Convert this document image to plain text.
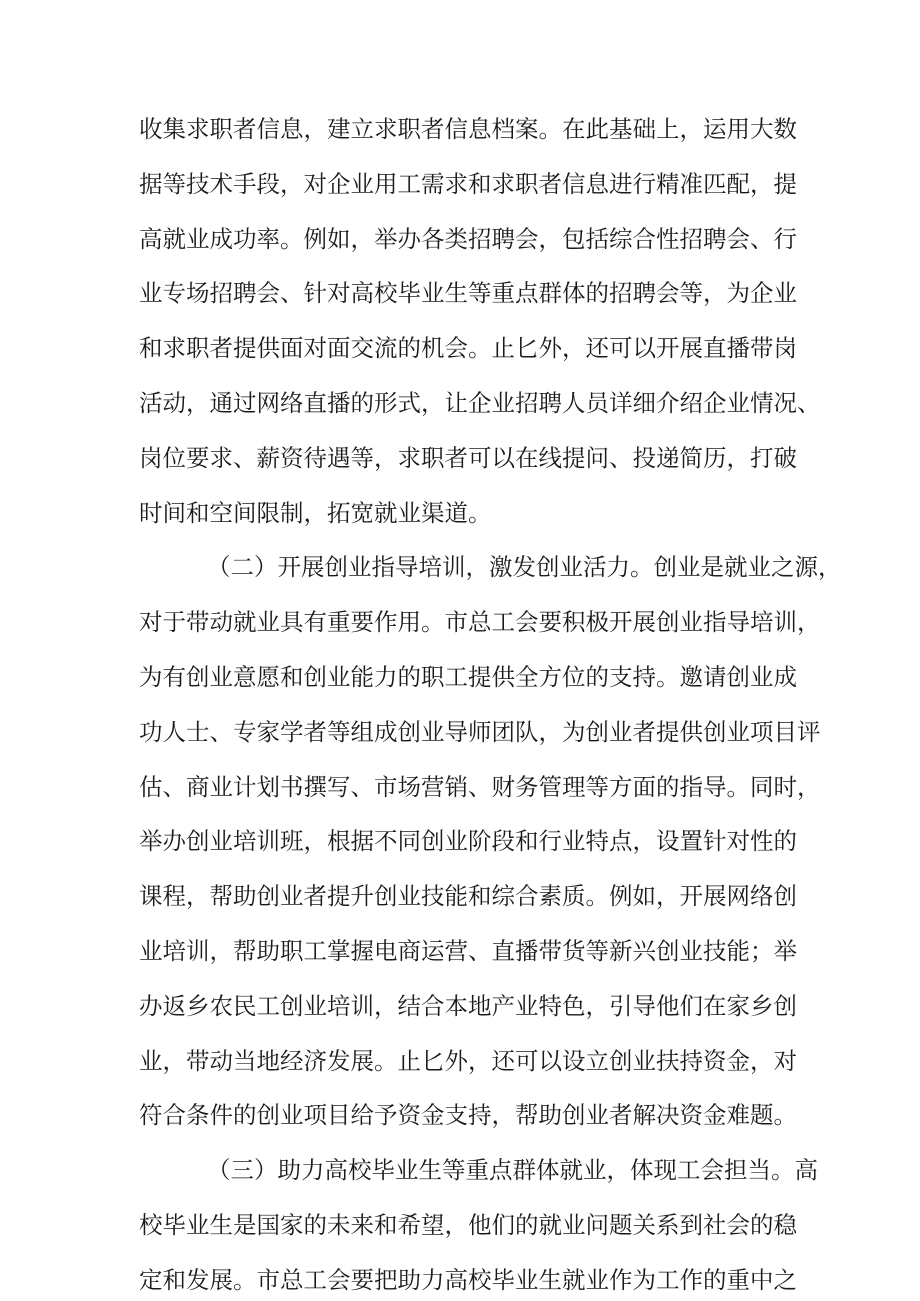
收集求职者信息，建立求职者信息档案。在此基础上，运用大数
据等技术手段，对企业用工需求和求职者信息进行精准匹配，提
高就业成功率。例如，举办各类招聘会，包括综合性招聘会、行
业专场招聘会、针对高校毕业生等重点群体的招聘会等，为企业
和求职者提供面对面交流的机会。止匕外，还可以开展直播带岗
活动，通过网络直播的形式，让企业招聘人员详细介绍企业情况、
岗位要求、薪资待遇等，求职者可以在线提问、投递简历，打破
时间和空间限制，拓宽就业渠道。
（二）开展创业指导培训，激发创业活力。创业是就业之源，
对于带动就业具有重要作用。市总工会要积极开展创业指导培训，
为有创业意愿和创业能力的职工提供全方位的支持。邀请创业成
功人士、专家学者等组成创业导师团队，为创业者提供创业项目评
估、商业计划书撰写、市场营销、财务管理等方面的指导。同时，
举办创业培训班，根据不同创业阶段和行业特点，设置针对性的
课程，帮助创业者提升创业技能和综合素质。例如，开展网络创
业培训，帮助职工掌握电商运营、直播带货等新兴创业技能；举
办返乡农民工创业培训，结合本地产业特色，引导他们在家乡创
业，带动当地经济发展。止匕外，还可以设立创业扶持资金，对
符合条件的创业项目给予资金支持，帮助创业者解决资金难题。
（三）助力高校毕业生等重点群体就业，体现工会担当。高
校毕业生是国家的未来和希望，他们的就业问题关系到社会的稳
定和发展。市总工会要把助力高校毕业生就业作为工作的重中之
